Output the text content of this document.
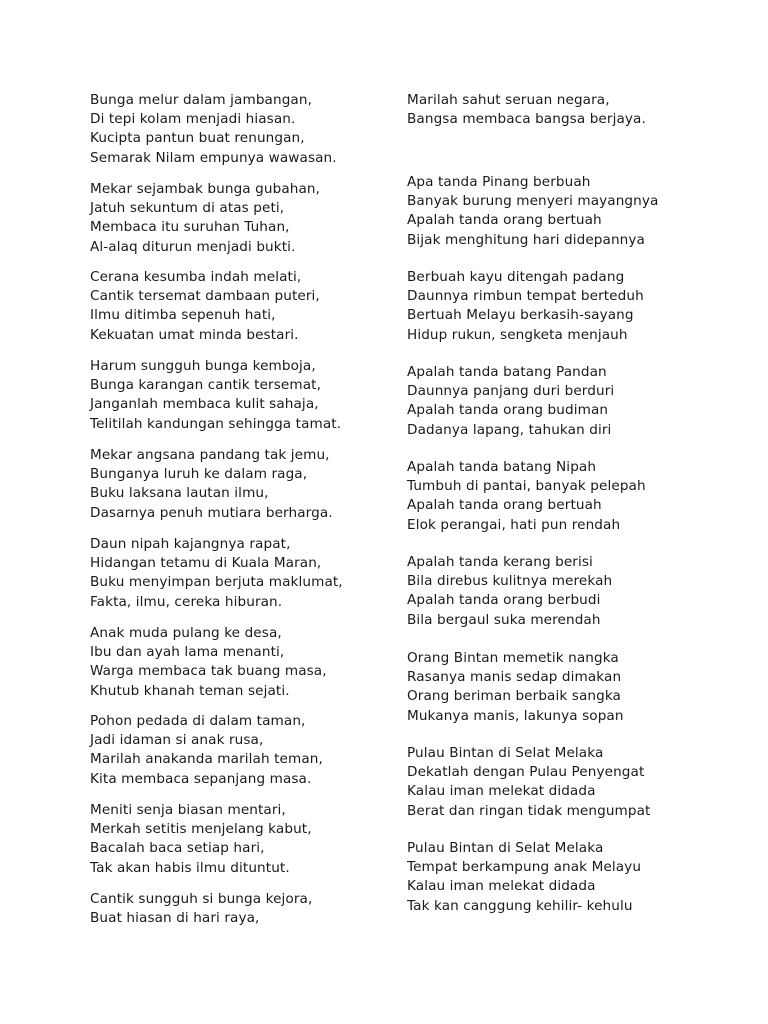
Bunga melur dalam jambangan,
Di tepi kolam menjadi hiasan.
Kucipta pantun buat renungan,
Semarak Nilam empunya wawasan.
Mekar sejambak bunga gubahan,
Jatuh sekuntum di atas peti,
Membaca itu suruhan Tuhan,
Al-alaq diturun menjadi bukti.
Cerana kesumba indah melati,
Cantik tersemat dambaan puteri,
Ilmu ditimba sepenuh hati,
Kekuatan umat minda bestari.
Harum sungguh bunga kemboja,
Bunga karangan cantik tersemat,
Janganlah membaca kulit sahaja,
Telitilah kandungan sehingga tamat.
Mekar angsana pandang tak jemu,
Bunganya luruh ke dalam raga,
Buku laksana lautan ilmu,
Dasarnya penuh mutiara berharga.
Daun nipah kajangnya rapat,
Hidangan tetamu di Kuala Maran,
Buku menyimpan berjuta maklumat,
Fakta, ilmu, cereka hiburan.
Anak muda pulang ke desa,
Ibu dan ayah lama menanti,
Warga membaca tak buang masa,
Khutub khanah teman sejati.
Pohon pedada di dalam taman,
Jadi idaman si anak rusa,
Marilah anakanda marilah teman,
Kita membaca sepanjang masa.
Meniti senja biasan mentari,
Merkah setitis menjelang kabut,
Bacalah baca setiap hari,
Tak akan habis ilmu dituntut.
Cantik sungguh si bunga kejora,
Buat hiasan di hari raya,
Marilah sahut seruan negara,
Bangsa membaca bangsa berjaya.
Apa tanda Pinang berbuah
Banyak burung menyeri mayangnya
Apalah tanda orang bertuah
Bijak menghitung hari didepannya
Berbuah kayu ditengah padang
Daunnya rimbun tempat berteduh
Bertuah Melayu berkasih-sayang
Hidup rukun, sengketa menjauh
Apalah tanda batang Pandan
Daunnya panjang duri berduri
Apalah tanda orang budiman
Dadanya lapang, tahukan diri
Apalah tanda batang Nipah
Tumbuh di pantai, banyak pelepah
Apalah tanda orang bertuah
Elok perangai, hati pun rendah
Apalah tanda kerang berisi
Bila direbus kulitnya merekah
Apalah tanda orang berbudi
Bila bergaul suka merendah
Orang Bintan memetik nangka
Rasanya manis sedap dimakan
Orang beriman berbaik sangka
Mukanya manis, lakunya sopan
Pulau Bintan di Selat Melaka
Dekatlah dengan Pulau Penyengat
Kalau iman melekat didada
Berat dan ringan tidak mengumpat
Pulau Bintan di Selat Melaka
Tempat berkampung anak Melayu
Kalau iman melekat didada
Tak kan canggung kehilir- kehulu
